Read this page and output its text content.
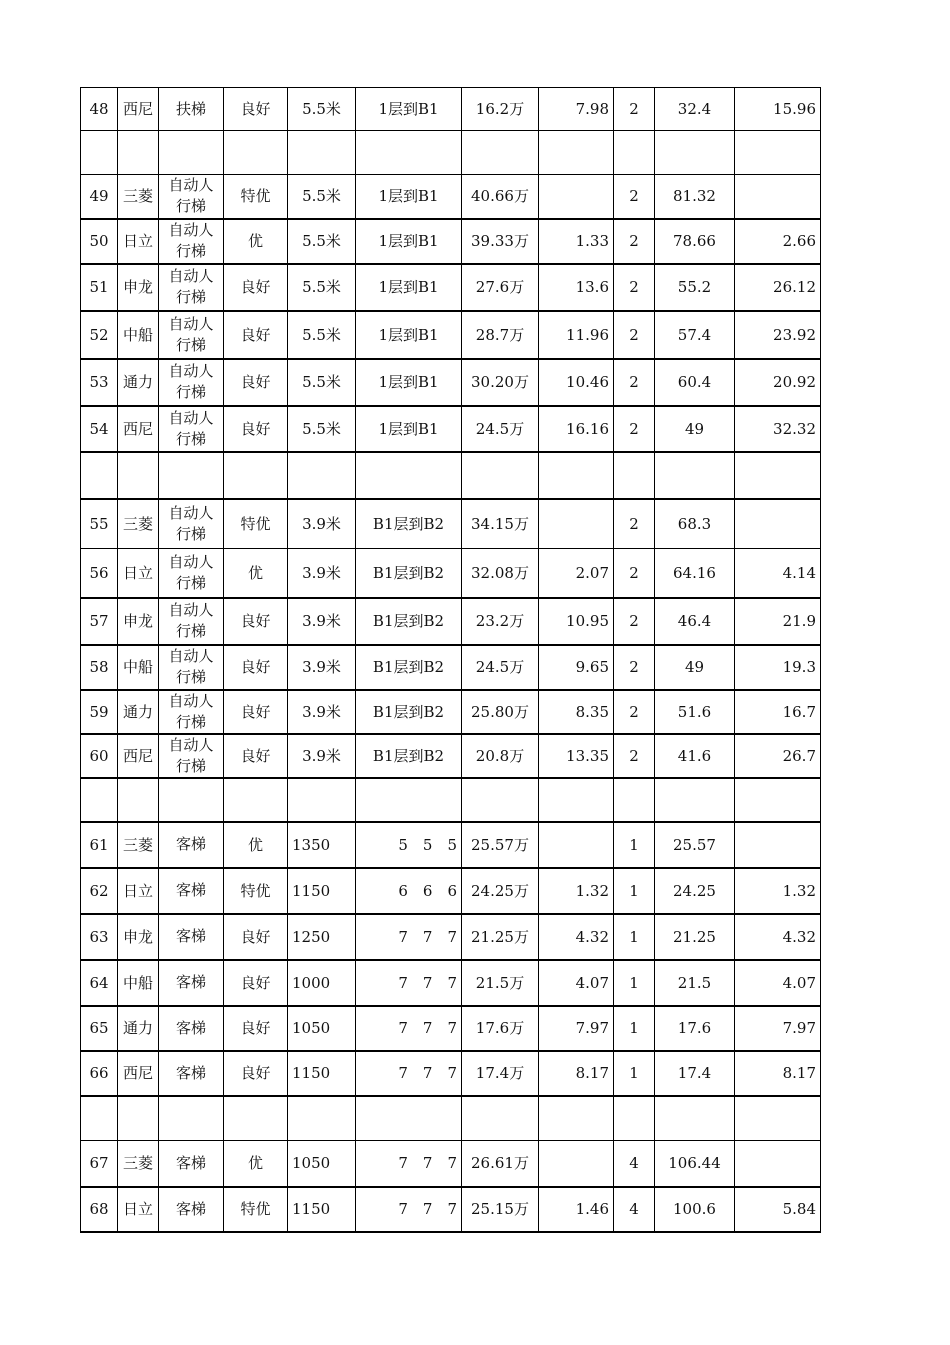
48	西尼	扶梯	良好	5.5米	1层到B1	16.2万	7.98	2	32.4	15.96

49	三菱	自动人行梯	特优	5.5米	1层到B1	40.66万		2	81.32	
50	日立	自动人行梯	优	5.5米	1层到B1	39.33万	1.33	2	78.66	2.66
51	申龙	自动人行梯	良好	5.5米	1层到B1	27.6万	13.6	2	55.2	26.12
52	中船	自动人行梯	良好	5.5米	1层到B1	28.7万	11.96	2	57.4	23.92
53	通力	自动人行梯	良好	5.5米	1层到B1	30.20万	10.46	2	60.4	20.92
54	西尼	自动人行梯	良好	5.5米	1层到B1	24.5万	16.16	2	49	32.32

55	三菱	自动人行梯	特优	3.9米	B1层到B2	34.15万		2	68.3	
56	日立	自动人行梯	优	3.9米	B1层到B2	32.08万	2.07	2	64.16	4.14
57	申龙	自动人行梯	良好	3.9米	B1层到B2	23.2万	10.95	2	46.4	21.9
58	中船	自动人行梯	良好	3.9米	B1层到B2	24.5万	9.65	2	49	19.3
59	通力	自动人行梯	良好	3.9米	B1层到B2	25.80万	8.35	2	51.6	16.7
60	西尼	自动人行梯	良好	3.9米	B1层到B2	20.8万	13.35	2	41.6	26.7

61	三菱	客梯	优	1350	5　5　5	25.57万		1	25.57	
62	日立	客梯	特优	1150	6　6　6	24.25万	1.32	1	24.25	1.32
63	申龙	客梯	良好	1250	7　7　7	21.25万	4.32	1	21.25	4.32
64	中船	客梯	良好	1000	7　7　7	21.5万	4.07	1	21.5	4.07
65	通力	客梯	良好	1050	7　7　7	17.6万	7.97	1	17.6	7.97
66	西尼	客梯	良好	1150	7　7　7	17.4万	8.17	1	17.4	8.17

67	三菱	客梯	优	1050	7　7　7	26.61万		4	106.44	
68	日立	客梯	特优	1150	7　7　7	25.15万	1.46	4	100.6	5.84
